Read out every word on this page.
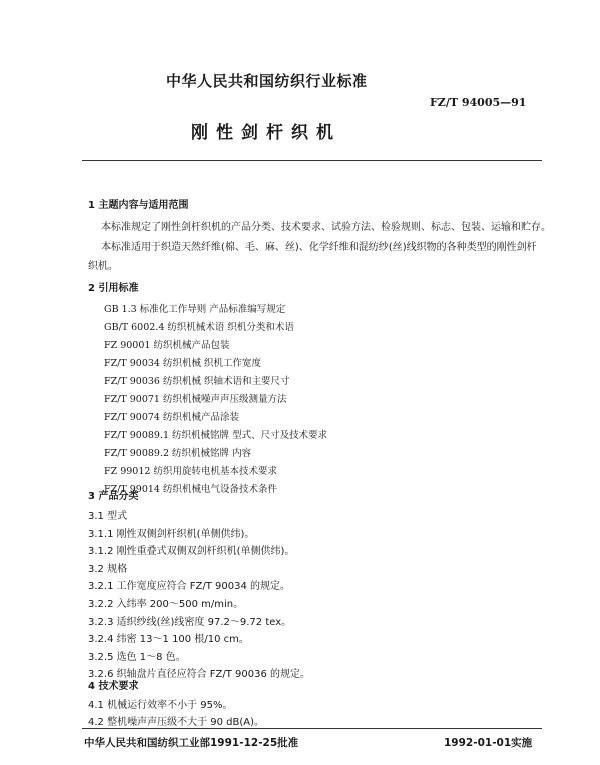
中华人民共和国纺织行业标准
FZ/T 94005—91
刚性剑杆织机
1 主题内容与适用范围
本标准规定了刚性剑杆织机的产品分类、技术要求、试验方法、检验规则、标志、包装、运输和贮存。
本标准适用于织造天然纤维(棉、毛、麻、丝)、化学纤维和混纺纱(丝)线织物的各种类型的刚性剑杆
织机。
2 引用标准
GB 1.3 标准化工作导则 产品标准编写规定
GB/T 6002.4 纺织机械术语 织机分类和术语
FZ 90001 纺织机械产品包装
FZ/T 90034 纺织机械 织机工作宽度
FZ/T 90036 纺织机械 织轴术语和主要尺寸
FZ/T 90071 纺织机械噪声声压级测量方法
FZ/T 90074 纺织机械产品涂装
FZ/T 90089.1 纺织机械铭牌 型式、尺寸及技术要求
FZ/T 90089.2 纺织机械铭牌 内容
FZ 99012 纺织用旋转电机基本技术要求
FZ/T 99014 纺织机械电气设备技术条件
3 产品分类
3.1 型式
3.1.1 刚性双侧剑杆织机(单侧供纬)。
3.1.2 刚性重叠式双侧双剑杆织机(单侧供纬)。
3.2 规格
3.2.1 工作宽度应符合 FZ/T 90034 的规定。
3.2.2 入纬率 200～500 m/min。
3.2.3 适织纱线(丝)线密度 97.2～9.72 tex。
3.2.4 纬密 13～1 100 根/10 cm。
3.2.5 选色 1～8 色。
3.2.6 织轴盘片直径应符合 FZ/T 90036 的规定。
4 技术要求
4.1 机械运行效率不小于 95%。
中华人民共和国纺织工业部1991-12-25批准	1992-01-01实施
4.2 整机噪声声压级不大于 90 dB(A)。
